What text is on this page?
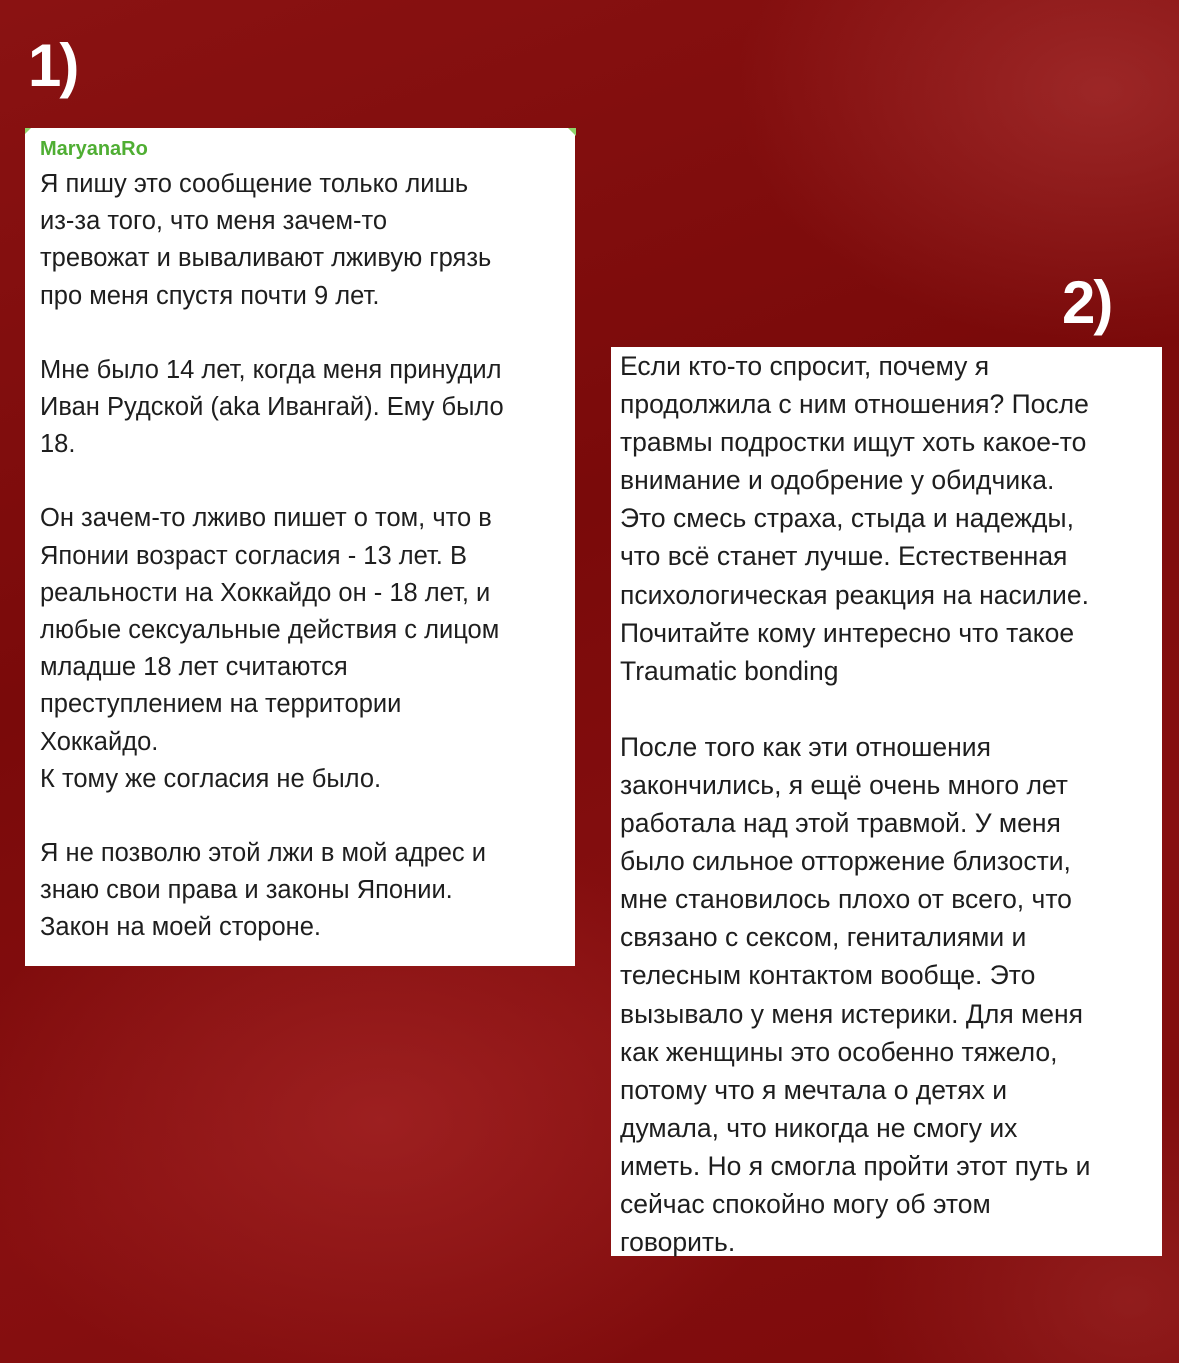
1)
MaryanaRo

Я пишу это сообщение только лишь
из-за того, что меня зачем-то
тревожат и вываливают лживую грязь
про меня спустя почти 9 лет.

Мне было 14 лет, когда меня принудил
Иван Рудской (aka Ивангай). Ему было
18.

Он зачем-то лживо пишет о том, что в
Японии возраст согласия - 13 лет. В
реальности на Хоккайдо он - 18 лет, и
любые сексуальные действия с лицом
младше 18 лет считаются
преступлением на территории
Хоккайдо.
К тому же согласия не было.

Я не позволю этой лжи в мой адрес и
знаю свои права и законы Японии.
Закон на моей стороне.

2)

Если кто-то спросит, почему я
продолжила с ним отношения? После
травмы подростки ищут хоть какое-то
внимание и одобрение у обидчика.
Это смесь страха, стыда и надежды,
что всё станет лучше. Естественная
психологическая реакция на насилие.
Почитайте кому интересно что такое
Traumatic bonding

После того как эти отношения
закончились, я ещё очень много лет
работала над этой травмой. У меня
было сильное отторжение близости,
мне становилось плохо от всего, что
связано с сексом, гениталиями и
телесным контактом вообще. Это
вызывало у меня истерики. Для меня
как женщины это особенно тяжело,
потому что я мечтала о детях и
думала, что никогда не смогу их
иметь. Но я смогла пройти этот путь и
сейчас спокойно могу об этом
говорить.
